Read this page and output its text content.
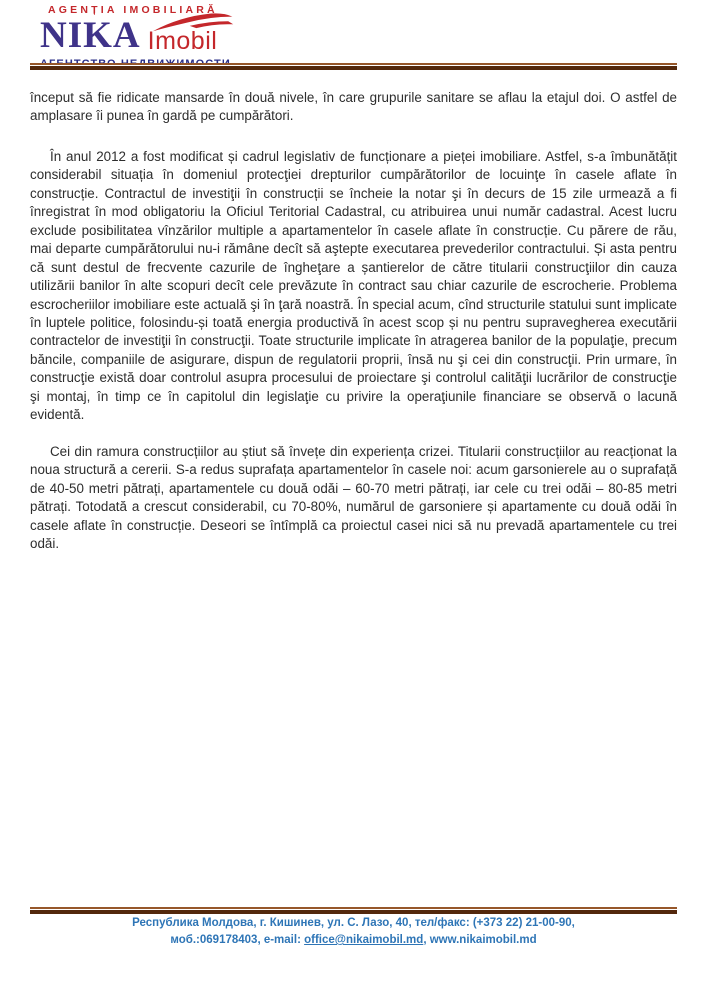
AGENȚIA IMOBILIARĂ
NIKA Imobil

început să fie ridicate mansarde în două nivele, în care grupurile sanitare se aflau la etajul doi. O astfel de amplasare îi punea în gardă pe cumpărători.

În anul 2012 a fost modificat și cadrul legislativ de funcționare a pieței imobiliare. Astfel, s-a îmbunătățit considerabil situația în domeniul protecţiei drepturilor cumpărătorilor de locuinţe în casele aflate în construcție. Contractul de investiţii în construcții se încheie la notar şi în decurs de 15 zile urmează a fi înregistrat în mod obligatoriu la Oficiul Teritorial Cadastral, cu atribuirea unui număr cadastral. Acest lucru exclude posibilitatea vînzărilor multiple a apartamentelor în casele aflate în construcție. Cu părere de rău, mai departe cumpărătorului nu-i rămâne decît să aştepte executarea prevederilor contractului. Și asta pentru că sunt destul de frecvente cazurile de îngheţare a șantierelor de către titularii construcţiilor din cauza utilizării banilor în alte scopuri decît cele prevăzute în contract sau chiar cazurile de escrocherie. Problema escrocheriilor imobiliare este actuală şi în ţară noastră. În special acum, cînd structurile statului sunt implicate în luptele politice, folosindu-și toată energia productivă în acest scop și nu pentru supravegherea executării contractelor de investiţii în construcţii. Toate structurile implicate în atragerea banilor de la populaţie, precum băncile, companiile de asigurare, dispun de regulatorii proprii, însă nu şi cei din construcţii. Prin urmare, în construcţie există doar controlul asupra procesului de proiectare şi controlul calităţii lucrărilor de construcţie şi montaj, în timp ce în capitolul din legislaţie cu privire la operaţiunile financiare se observă o lacună evidentă.

Cei din ramura construcțiilor au știut să învețe din experiența crizei. Titularii construcțiilor au reacționat la noua structură a cererii. S-a redus suprafața apartamentelor în casele noi: acum garsonierele au o suprafață de 40-50 metri pătrați, apartamentele cu două odăi – 60-70 metri pătrați, iar cele cu trei odăi – 80-85 metri pătrați. Totodată a crescut considerabil, cu 70-80%, numărul de garsoniere și apartamente cu două odăi în casele aflate în construcție. Deseori se întîmplă ca proiectul casei nici să nu prevadă apartamentele cu trei odăi.

Республика Молдова, г. Кишинев, ул. С. Лазо, 40, тел/факс: (+373 22) 21-00-90,
моб.:069178403, e-mail: office@nikaimobil.md, www.nikaimobil.md
